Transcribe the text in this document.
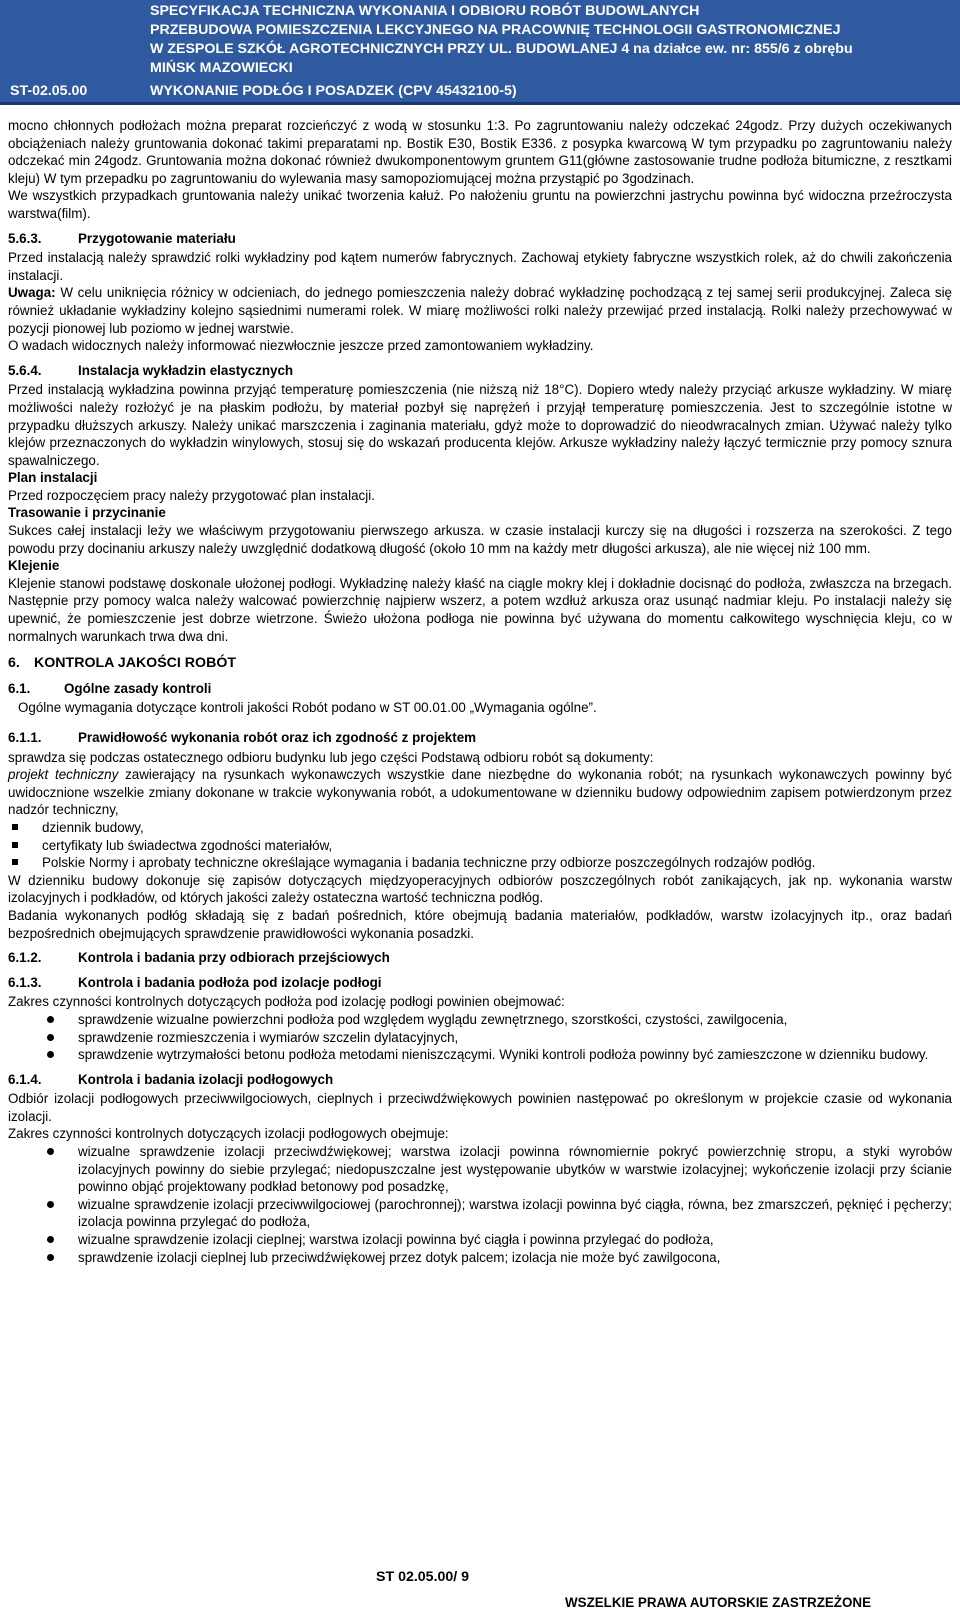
SPECYFIKACJA TECHNICZNA WYKONANIA I ODBIORU ROBÓT BUDOWLANYCH
PRZEBUDOWA POMIESZCZENIA LEKCYJNEGO NA PRACOWNIĘ TECHNOLOGII GASTRONOMICZNEJ
W ZESPOLE SZKÓŁ AGROTECHNICZNYCH PRZY UL. BUDOWLANEJ 4 na działce ew. nr: 855/6 z obrębu
MIŃSK MAZOWIECKI
ST-02.05.00	WYKONANIE PODŁÓG I POSADZEK (CPV 45432100-5)

mocno chłonnych podłożach można preparat rozcieńczyć z wodą w stosunku 1:3. Po zagruntowaniu należy odczekać 24godz. Przy dużych oczekiwanych obciążeniach należy gruntowania dokonać takimi preparatami np. Bostik E30, Bostik E336. z posypka kwarcową W tym przypadku po zagruntowaniu należy odczekać min 24godz. Gruntowania można dokonać również dwukomponentowym gruntem G11(główne zastosowanie trudne podłoża bitumiczne, z resztkami kleju) W tym przepadku po zagruntowaniu do wylewania masy samopoziomującej można przystąpić po 3godzinach.

We wszystkich przypadkach gruntowania należy unikać tworzenia kałuż. Po nałożeniu gruntu na powierzchni jastrychu powinna być widoczna przeźroczysta warstwa(film).

5.6.3.	Przygotowanie materiału

Przed instalacją należy sprawdzić rolki wykładziny pod kątem numerów fabrycznych. Zachowaj etykiety fabryczne wszystkich rolek, aż do chwili zakończenia instalacji.

Uwaga: W celu uniknięcia różnicy w odcieniach, do jednego pomieszczenia należy dobrać wykładzinę pochodzącą z tej samej serii produkcyjnej. Zaleca się również układanie wykładziny kolejno sąsiednimi numerami rolek. W miarę możliwości rolki należy przewijać przed instalacją. Rolki należy przechowywać w pozycji pionowej lub poziomo w jednej warstwie.

O wadach widocznych należy informować niezwłocznie jeszcze przed zamontowaniem wykładziny.

5.6.4.	Instalacja wykładzin elastycznych

Przed instalacją wykładzina powinna przyjąć temperaturę pomieszczenia (nie niższą niż 18°C). Dopiero wtedy należy przyciąć arkusze wykładziny. W miarę możliwości należy rozłożyć je na płaskim podłożu, by materiał pozbył się naprężeń i przyjął temperaturę pomieszczenia. Jest to szczególnie istotne w przypadku dłuższych arkuszy. Należy unikać marszczenia i zaginania materiału, gdyż może to doprowadzić do nieodwracalnych zmian. Używać należy tylko klejów przeznaczonych do wykładzin winylowych, stosuj się do wskazań producenta klejów. Arkusze wykładziny należy łączyć termicznie przy pomocy sznura spawalniczego.

Plan instalacji

Przed rozpoczęciem pracy należy przygotować plan instalacji.

Trasowanie i przycinanie

Sukces całej instalacji leży we właściwym przygotowaniu pierwszego arkusza. w czasie instalacji kurczy się na długości i rozszerza na szerokości. Z tego powodu przy docinaniu arkuszy należy uwzględnić dodatkową długość (około 10 mm na każdy metr długości arkusza), ale nie więcej niż 100 mm.

Klejenie

Klejenie stanowi podstawę doskonale ułożonej podłogi. Wykładzinę należy kłaść na ciągle mokry klej i dokładnie docisnąć do podłoża, zwłaszcza na brzegach. Następnie przy pomocy walca należy walcować powierzchnię najpierw wszerz, a potem wzdłuż arkusza oraz usunąć nadmiar kleju. Po instalacji należy się upewnić, że pomieszczenie jest dobrze wietrzone. Świeżo ułożona podłoga nie powinna być używana do momentu całkowitego wyschnięcia kleju, co w normalnych warunkach trwa dwa dni.

6. KONTROLA JAKOŚCI ROBÓT
6.1.	Ogólne zasady kontroli

Ogólne wymagania dotyczące kontroli jakości Robót podano w ST 00.01.00 „Wymagania ogólne”.

6.1.1.	Prawidłowość wykonania robót oraz ich zgodność z projektem

sprawdza się podczas ostatecznego odbioru budynku lub jego części Podstawą odbioru robót są dokumenty:

projekt techniczny zawierający na rysunkach wykonawczych wszystkie dane niezbędne do wykonania robót; na rysunkach wykonawczych powinny być uwidocznione wszelkie zmiany dokonane w trakcie wykonywania robót, a udokumentowane w dzienniku budowy odpowiednim zapisem potwierdzonym przez nadzór techniczny,

dziennik budowy,
certyfikaty lub świadectwa zgodności materiałów,
Polskie Normy i aprobaty techniczne określające wymagania i badania techniczne przy odbiorze poszczególnych rodzajów podłóg.

W dzienniku budowy dokonuje się zapisów dotyczących międzyoperacyjnych odbiorów poszczególnych robót zanikających, jak np. wykonania warstw izolacyjnych i podkładów, od których jakości zależy ostateczna wartość techniczna podłóg.

Badania wykonanych podłóg składają się z badań pośrednich, które obejmują badania materiałów, podkładów, warstw izolacyjnych itp., oraz badań bezpośrednich obejmujących sprawdzenie prawidłowości wykonania posadzki.

6.1.2.	Kontrola i badania przy odbiorach przejściowych
6.1.3.	Kontrola i badania podłoża pod izolacje podłogi

Zakres czynności kontrolnych dotyczących podłoża pod izolację podłogi powinien obejmować:

sprawdzenie wizualne powierzchni podłoża pod względem wyglądu zewnętrznego, szorstkości, czystości, zawilgocenia,
sprawdzenie rozmieszczenia i wymiarów szczelin dylatacyjnych,
sprawdzenie wytrzymałości betonu podłoża metodami nieniszczącymi. Wyniki kontroli podłoża powinny być zamieszczone w dzienniku budowy.
6.1.4.	Kontrola i badania izolacji podłogowych

Odbiór izolacji podłogowych przeciwwilgociowych, cieplnych i przeciwdźwiękowych powinien następować po określonym w projekcie czasie od wykonania izolacji.

Zakres czynności kontrolnych dotyczących izolacji podłogowych obejmuje:

wizualne sprawdzenie izolacji przeciwdźwiękowej; warstwa izolacji powinna równomiernie pokryć powierzchnię stropu, a styki wyrobów izolacyjnych powinny do siebie przylegać; niedopuszczalne jest występowanie ubytków w warstwie izolacyjnej; wykończenie izolacji przy ścianie powinno objąć projektowany podkład betonowy pod posadzkę,
wizualne sprawdzenie izolacji przeciwwilgociowej (parochronnej); warstwa izolacji powinna być ciągła, równa, bez zmarszczeń, pęknięć i pęcherzy; izolacja powinna przylegać do podłoża,
wizualne sprawdzenie izolacji cieplnej; warstwa izolacji powinna być ciągła i powinna przylegać do podłoża,
sprawdzenie izolacji cieplnej lub przeciwdźwiękowej przez dotyk palcem; izolacja nie może być zawilgocona,
ST 02.05.00/ 9
WSZELKIE PRAWA AUTORSKIE ZASTRZEŻONE
